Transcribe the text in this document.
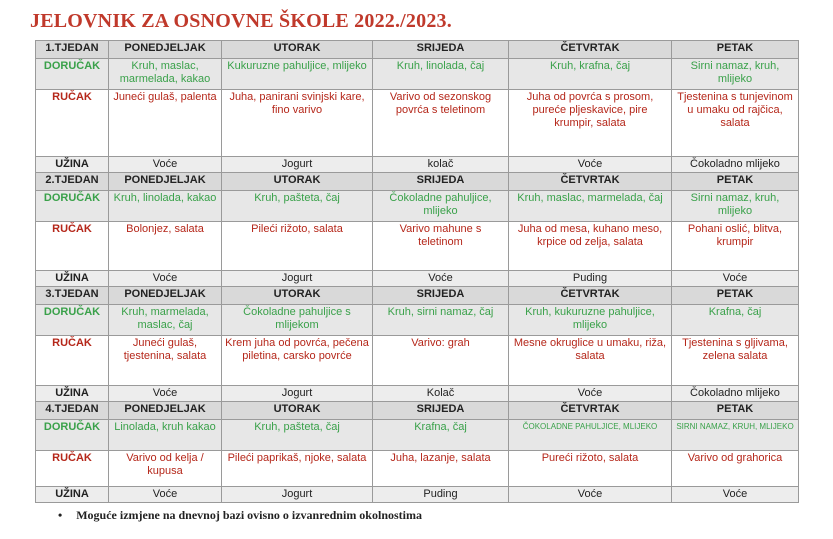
JELOVNIK ZA OSNOVNE ŠKOLE 2022./2023.
1.TJEDAN	PONEDJELJAK	UTORAK	SRIJEDA	ČETVRTAK	PETAK
DORUČAK	Kruh, maslac, marmelada, kakao	Kukuruzne pahuljice, mlijeko	Kruh, linolada, čaj	Kruh, krafna, čaj	Sirni namaz, kruh, mlijeko
RUČAK	Juneći gulaš, palenta	Juha, panirani svinjski kare, fino varivo	Varivo od sezonskog povrća s teletinom	Juha od povrća s prosom, pureće pljeskavice, pire krumpir, salata	Tjestenina s tunjevinom u umaku od rajčica, salata
UŽINA	Voće	Jogurt	kolač	Voće	Čokoladno mlijeko
2.TJEDAN	PONEDJELJAK	UTORAK	SRIJEDA	ČETVRTAK	PETAK
DORUČAK	Kruh, linolada, kakao	Kruh, pašteta, čaj	Čokoladne pahuljice, mlijeko	Kruh, maslac, marmelada, čaj	Sirni namaz, kruh, mlijeko
RUČAK	Bolonjez, salata	Pileći rižoto, salata	Varivo mahune s teletinom	Juha od mesa, kuhano meso, krpice od zelja, salata	Pohani oslić, blitva, krumpir
UŽINA	Voće	Jogurt	Voće	Puding	Voće
3.TJEDAN	PONEDJELJAK	UTORAK	SRIJEDA	ČETVRTAK	PETAK
DORUČAK	Kruh, marmelada, maslac, čaj	Čokoladne pahuljice s mlijekom	Kruh, sirni namaz, čaj	Kruh, kukuruzne pahuljice, mlijeko	Krafna, čaj
RUČAK	Juneći gulaš, tjestenina, salata	Krem juha od povrća, pečena piletina, carsko povrće	Varivo: grah	Mesne okruglice u umaku, riža, salata	Tjestenina s gljivama, zelena salata
UŽINA	Voće	Jogurt	Kolač	Voće	Čokoladno mlijeko
4.TJEDAN	PONEDJELJAK	UTORAK	SRIJEDA	ČETVRTAK	PETAK
DORUČAK	Linolada, kruh kakao	Kruh, pašteta, čaj	Krafna, čaj	ČOKOLADNE PAHULJICE, MLIJEKO	SIRNI NAMAZ, KRUH, MLIJEKO
RUČAK	Varivo od kelja / kupusa	Pileći paprikaš, njoke, salata	Juha, lazanje, salata	Pureći rižoto, salata	Varivo od grahorica
UŽINA	Voće	Jogurt	Puding	Voće	Voće
• Moguće izmjene na dnevnoj bazi ovisno o izvanrednim okolnostima
